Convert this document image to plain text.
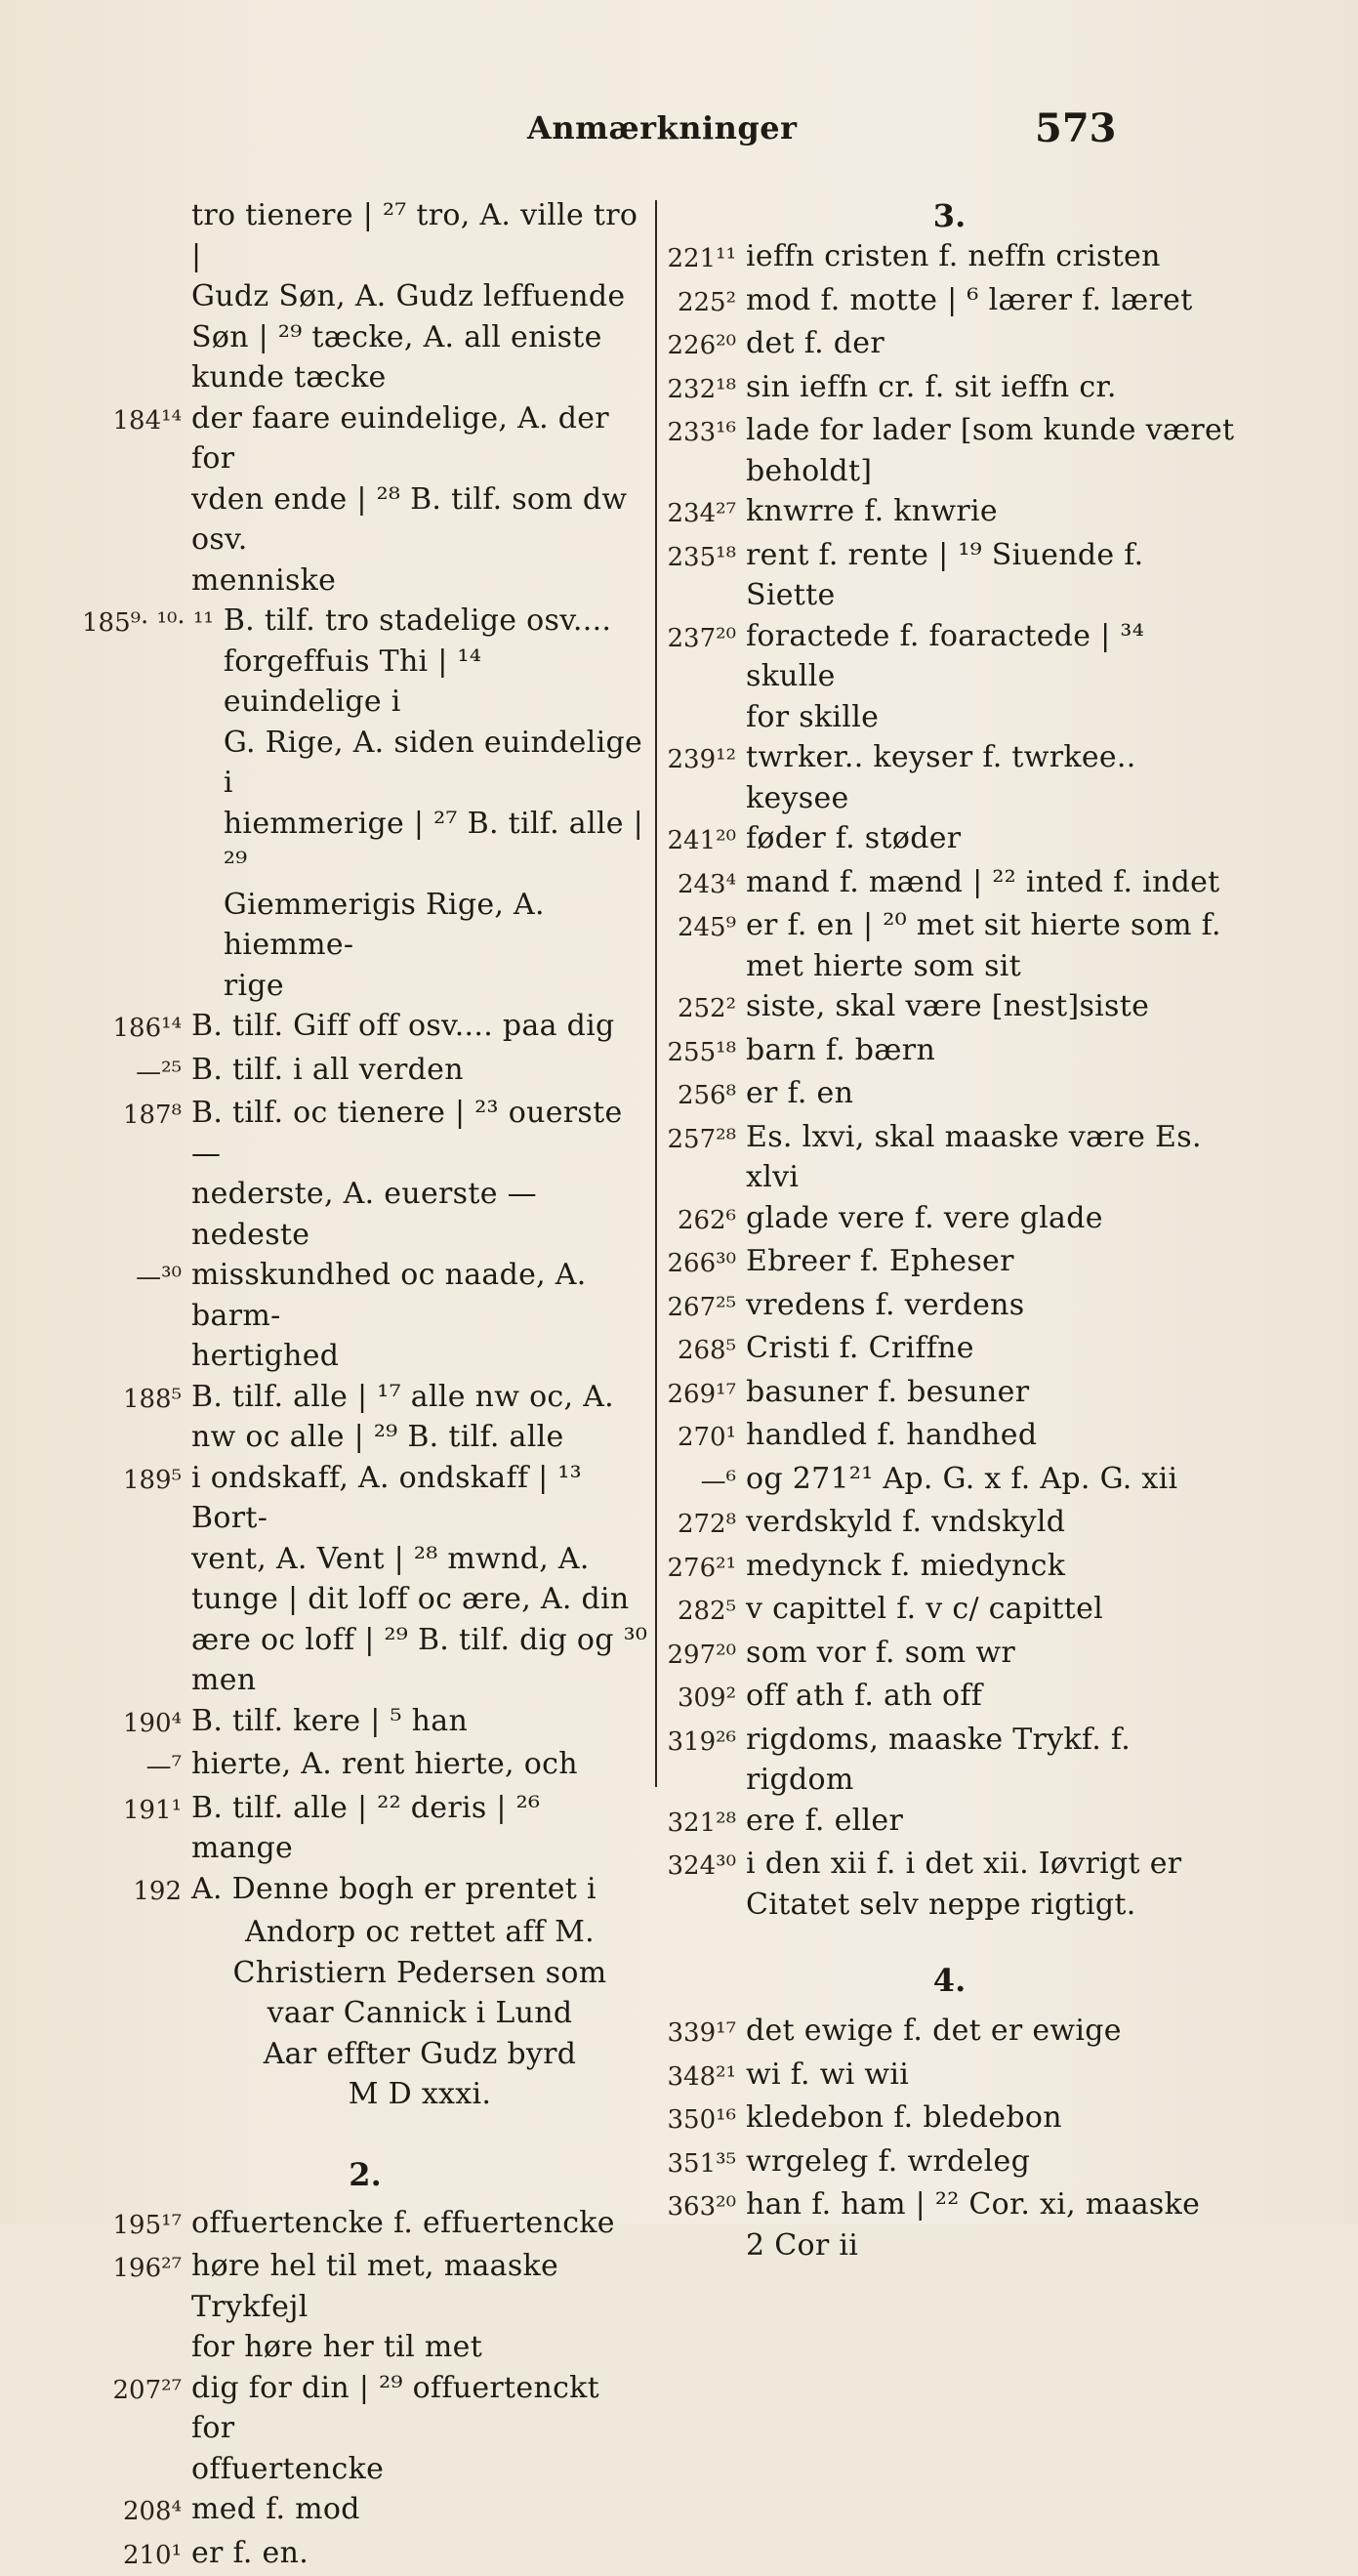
Anmærkninger	573
tro tienere | ²⁷ tro, A. ville tro |
Gudz Søn, A. Gudz leffuende
Søn | ²⁹ tæcke, A. all eniste
kunde tæcke
184¹⁴ der faare euindelige, A. der for
vden ende | ²⁸ B. tilf. som dw osv.
menniske
185⁹· ¹⁰· ¹¹ B. tilf. tro stadelige osv....
forgeffuis Thi | ¹⁴ euindelige i
G. Rige, A. siden euindelige i
hiemmerige | ²⁷ B. tilf. alle | ²⁹
Giemmerigis Rige, A. hiemme-
rige
186¹⁴ B. tilf. Giff off osv.... paa dig
—²⁵ B. tilf. i all verden
187⁸ B. tilf. oc tienere | ²³ ouerste —
nederste, A. euerste — nedeste
—³⁰ misskundhed oc naade, A. barm-
hertighed
188⁵ B. tilf. alle | ¹⁷ alle nw oc, A.
nw oc alle | ²⁹ B. tilf. alle
189⁵ i ondskaff, A. ondskaff | ¹³ Bort-
vent, A. Vent | ²⁸ mwnd, A.
tunge | dit loff oc ære, A. din
ære oc loff | ²⁹ B. tilf. dig og ³⁰
men
190⁴ B. tilf. kere | ⁵ han
—⁷ hierte, A. rent hierte, och
191¹ B. tilf. alle | ²² deris | ²⁶ mange
192 A. Denne bogh er prentet i
Andorp oc rettet aff M.
Christiern Pedersen som
vaar Cannick i Lund
Aar effter Gudz byrd
M D xxxi.
2.
195¹⁷ offuertencke f. effuertencke
196²⁷ høre hel til met, maaske Trykfejl
for høre her til met
207²⁷ dig for din | ²⁹ offuertenckt for
offuertencke
208⁴ med f. mod
210¹ er f. en.
3.
221¹¹ ieffn cristen f. neffn cristen
225² mod f. motte | ⁶ lærer f. læret
226²⁰ det f. der
232¹⁸ sin ieffn cr. f. sit ieffn cr.
233¹⁶ lade for lader [som kunde været
beholdt]
234²⁷ knwrre f. knwrie
235¹⁸ rent f. rente | ¹⁹ Siuende f. Siette
237²⁰ foractede f. foaractede | ³⁴ skulle
for skille
239¹² twrker.. keyser f. twrkee.. keysee
241²⁰ føder f. støder
243⁴ mand f. mænd | ²² inted f. indet
245⁹ er f. en | ²⁰ met sit hierte som f.
met hierte som sit
252² siste, skal være [nest]siste
255¹⁸ barn f. bærn
256⁸ er f. en
257²⁸ Es. lxvi, skal maaske være Es. xlvi
262⁶ glade vere f. vere glade
266³⁰ Ebreer f. Epheser
267²⁵ vredens f. verdens
268⁵ Cristi f. Criffne
269¹⁷ basuner f. besuner
270¹ handled f. handhed
—⁶ og 271²¹ Ap. G. x f. Ap. G. xii
272⁸ verdskyld f. vndskyld
276²¹ medynck f. miedynck
282⁵ v capittel f. v c/ capittel
297²⁰ som vor f. som wr
309² off ath f. ath off
319²⁶ rigdoms, maaske Trykf. f. rigdom
321²⁸ ere f. eller
324³⁰ i den xii f. i det xii. Iøvrigt er
Citatet selv neppe rigtigt.
4.
339¹⁷ det ewige f. det er ewige
348²¹ wi f. wi wii
350¹⁶ kledebon f. bledebon
351³⁵ wrgeleg f. wrdeleg
363²⁰ han f. ham | ²² Cor. xi, maaske
2 Cor ii
